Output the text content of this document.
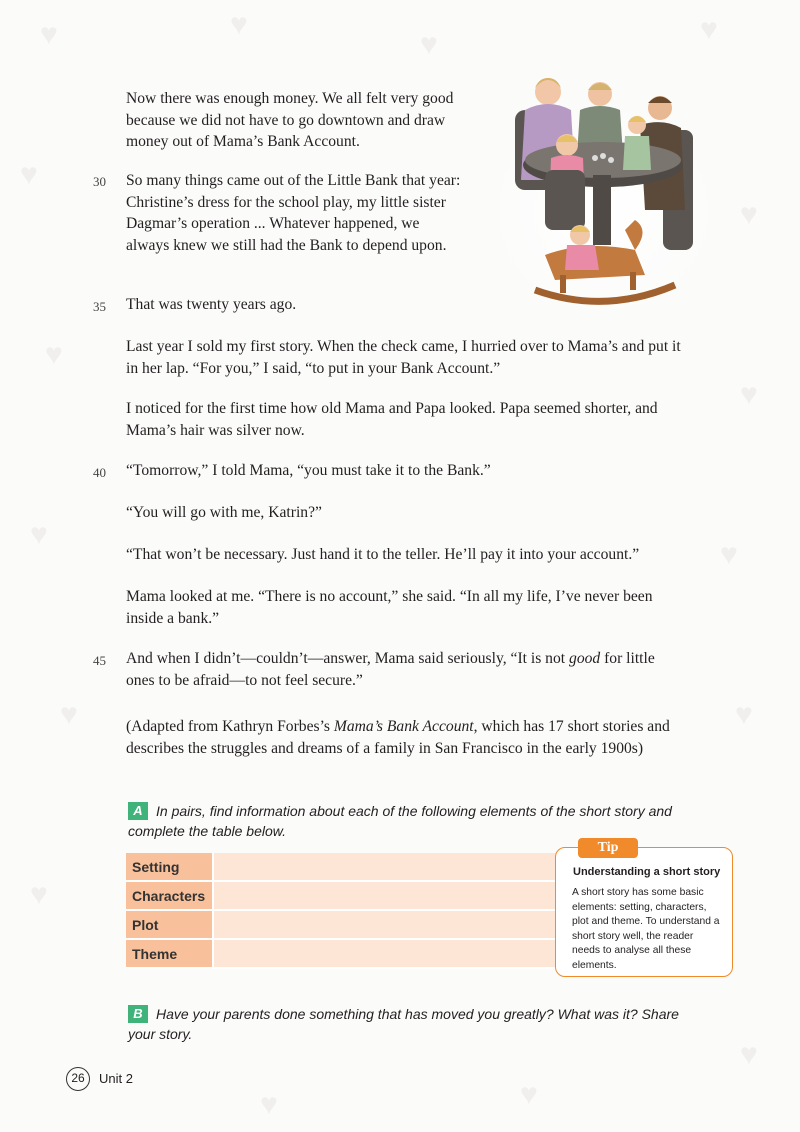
♥	♥
♥	♥
♥
♥
♥
♥
♥
♥
♥	♥
♥
♥	♥
♥

Now there was enough money. We all felt very good because we did not have to go downtown and draw money out of Mama’s Bank Account.

30 So many things came out of the Little Bank that year: Christine’s dress for the school play, my little sister Dagmar’s operation ... Whatever happened, we always knew we still had the Bank to depend upon.

35 That was twenty years ago.

Last year I sold my first story. When the check came, I hurried over to Mama’s and put it in her lap. “For you,” I said, “to put in your Bank Account.”

I noticed for the first time how old Mama and Papa looked. Papa seemed shorter, and Mama’s hair was silver now.

40 “Tomorrow,” I told Mama, “you must take it to the Bank.”

“You will go with me, Katrin?”

“That won’t be necessary. Just hand it to the teller. He’ll pay it into your account.”

Mama looked at me. “There is no account,” she said. “In all my life, I’ve never been inside a bank.”

45 And when I didn’t—couldn’t—answer, Mama said seriously, “It is not good for little ones to be afraid—to not feel secure.”

(Adapted from Kathryn Forbes’s Mama’s Bank Account, which has 17 short stories and describes the struggles and dreams of a family in San Francisco in the early 1900s)

A In pairs, find information about each of the following elements of the short story and complete the table below.

Setting	
Characters	
Plot	
Theme	
Understanding a short story

A short story has some basic elements: setting, characters, plot and theme. To understand a short story well, the reader needs to analyse all these elements.

Tip

B Have your parents done something that has moved you greatly? What was it? Share your story.

26	Unit 2
